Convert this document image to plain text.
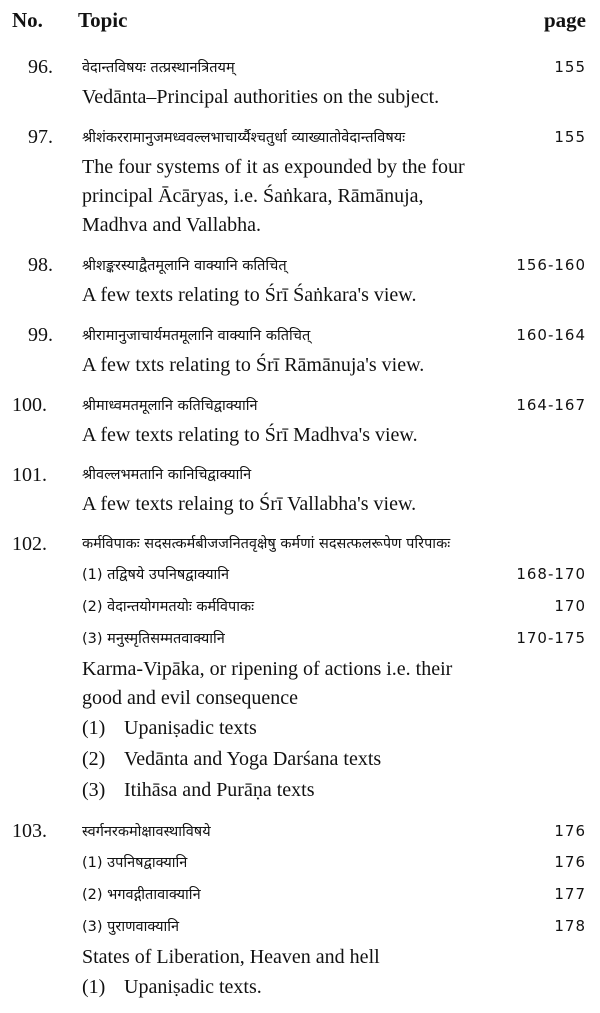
No.	Topic	page
96.	वेदान्तविषयः तत्प्रस्थानत्रितयम्	155
Vedānta–Principal authorities on the subject.
97.	श्रीशंकररामानुजमध्ववल्लभाचार्य्यैश्चतुर्धा व्याख्यातोवेदान्तविषयः	155
The four systems of it as expounded by the four
principal Ācāryas, i.e. Śaṅkara, Rāmānuja,
Madhva and Vallabha.
98.	श्रीशङ्करस्याद्वैतमूलानि वाक्यानि कतिचित्	156-160
A few texts relating to Śrī Śaṅkara's view.
99.	श्रीरामानुजाचार्यमतमूलानि वाक्यानि कतिचित्	160-164
A few txts relating to Śrī Rāmānuja's view.
100.	श्रीमाध्वमतमूलानि कतिचिद्वाक्यानि	164-167
A few texts relating to Śrī Madhva's view.
101.	श्रीवल्लभमतानि कानिचिद्वाक्यानि
A few texts relaing to Śrī Vallabha's view.
102.	कर्मविपाकः सदसत्कर्मबीजजनितवृक्षेषु कर्मणां सदसत्फलरूपेण परिपाकः
(1) तद्विषये उपनिषद्वाक्यानि	168-170
(2) वेदान्तयोगमतयोः कर्मविपाकः	170
(3) मनुस्मृतिसम्मतवाक्यानि	170-175
Karma-Vipāka, or ripening of actions i.e. their
good and evil consequence
(1) Upaniṣadic texts
(2) Vedānta and Yoga Darśana texts
(3) Itihāsa and Purāṇa texts
103.	स्वर्गनरकमोक्षावस्थाविषये	176
(1) उपनिषद्वाक्यानि	176
(2) भगवद्गीतावाक्यानि	177
(3) पुराणवाक्यानि	178
States of Liberation, Heaven and hell
(1) Upaniṣadic texts.
